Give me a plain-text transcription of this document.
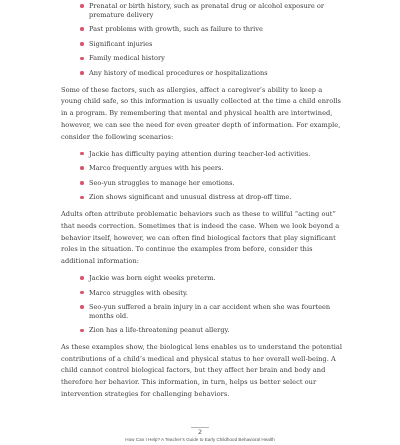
Prenatal or birth history, such as prenatal drug or alcohol exposure or premature delivery
Past problems with growth, such as failure to thrive
Significant injuries
Family medical history
Any history of medical procedures or hospitalizations

Some of these factors, such as allergies, affect a caregiver’s ability to keep a young child safe, so this information is usually collected at the time a child enrolls in a program. By remembering that mental and physical health are intertwined, however, we can see the need for even greater depth of information. For example, consider the following scenarios:

Jackie has difficulty paying attention during teacher-led activities.
Marco frequently argues with his peers.
Seo-yun struggles to manage her emotions.
Zion shows significant and unusual distress at drop-off time.

Adults often attribute problematic behaviors such as these to willful “acting out” that needs correction. Sometimes that is indeed the case. When we look beyond a behavior itself, however, we can often find biological factors that play significant roles in the situation. To continue the examples from before, consider this additional information:

Jackie was born eight weeks preterm.
Marco struggles with obesity.
Seo-yun suffered a brain injury in a car accident when she was fourteen months old.
Zion has a life-threatening peanut allergy.

As these examples show, the biological lens enables us to understand the potential contributions of a child’s medical and physical status to her overall well-being. A child cannot control biological factors, but they affect her brain and body and therefore her behavior. This information, in turn, helps us better select our intervention strategies for challenging behaviors.

2
How Can I Help? A Teacher’s Guide to Early Childhood Behavioral Health
